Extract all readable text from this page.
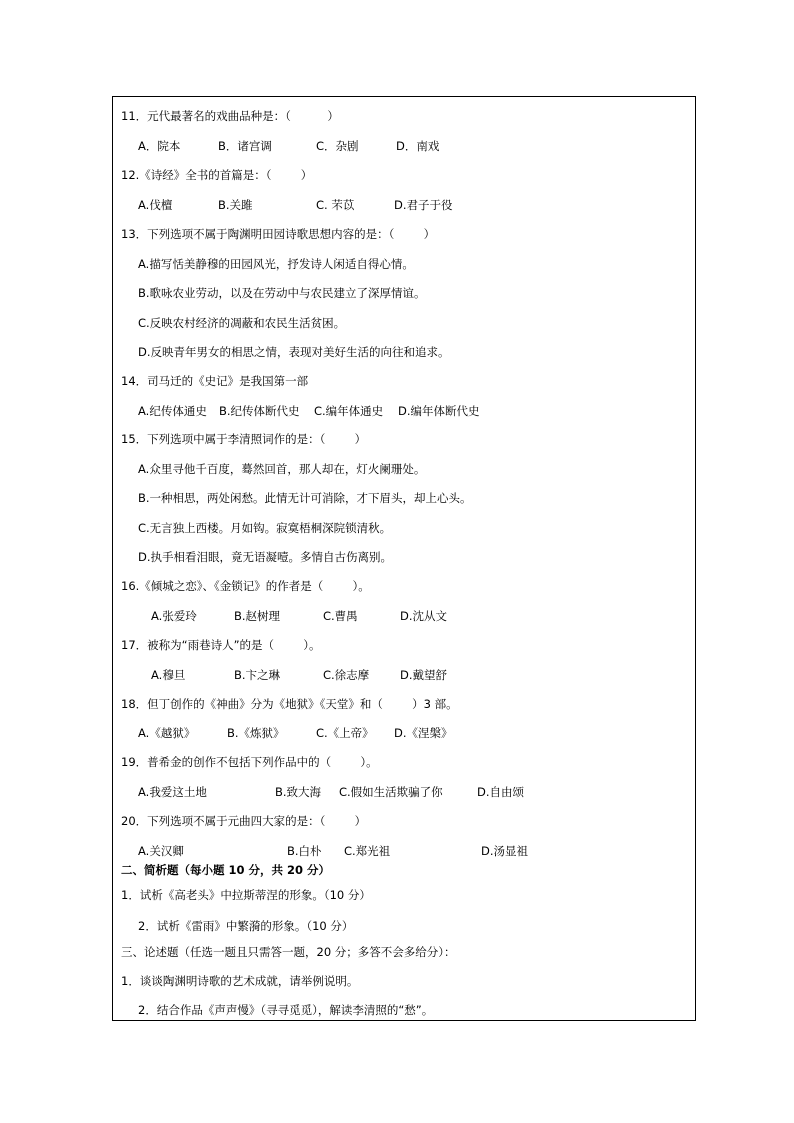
11．元代最著名的戏曲品种是：（          ）
A．院本	B．诸宫调	C．杂剧	D．南戏
12.《诗经》全书的首篇是：（        ）
A.伐檀	B.关雎	C. 芣苡	D.君子于役
13．下列选项不属于陶渊明田园诗歌思想内容的是：（        ）
A.描写恬美静穆的田园风光，抒发诗人闲适自得心情。
B.歌咏农业劳动，以及在劳动中与农民建立了深厚情谊。
C.反映农村经济的凋蔽和农民生活贫困。
D.反映青年男女的相思之情，表现对美好生活的向往和追求。
14．司马迁的《史记》是我国第一部
A.纪传体通史 B.纪传体断代史 C.编年体通史 D.编年体断代史
15．下列选项中属于李清照词作的是：（        ）
A.众里寻他千百度，蓦然回首，那人却在，灯火阑珊处。
B.一种相思，两处闲愁。此情无计可消除，才下眉头，却上心头。
C.无言独上西楼。月如钩。寂寞梧桐深院锁清秋。
D.执手相看泪眼，竟无语凝噎。多情自古伤离别。
16.《倾城之恋》、《金锁记》的作者是（        ）。
A.张爱玲	B.赵树理	C.曹禺	D.沈从文
17．被称为“雨巷诗人”的是（        ）。
A.穆旦	B.卞之琳	C.徐志摩	D.戴望舒
18．但丁创作的《神曲》分为《地狱》《天堂》和（        ）3 部。
A.《越狱》	B.《炼狱》	C.《上帝》 D.《涅槃》
19．普希金的创作不包括下列作品中的（        ）。
A.我爱这土地	B.致大海 C.假如生活欺骗了你	D.自由颂
20．下列选项不属于元曲四大家的是：（        ）
A.关汉卿	B.白朴 C.郑光祖	D.汤显祖
二、简析题（每小题 10 分，共 20 分）
1．试析《高老头》中拉斯蒂涅的形象。（10 分）
2．试析《雷雨》中繁漪的形象。（10 分）
三、论述题（任选一题且只需答一题，20 分；多答不会多给分）：
1．谈谈陶渊明诗歌的艺术成就，请举例说明。
2．结合作品《声声慢》（寻寻觅觅），解读李清照的“愁”。
